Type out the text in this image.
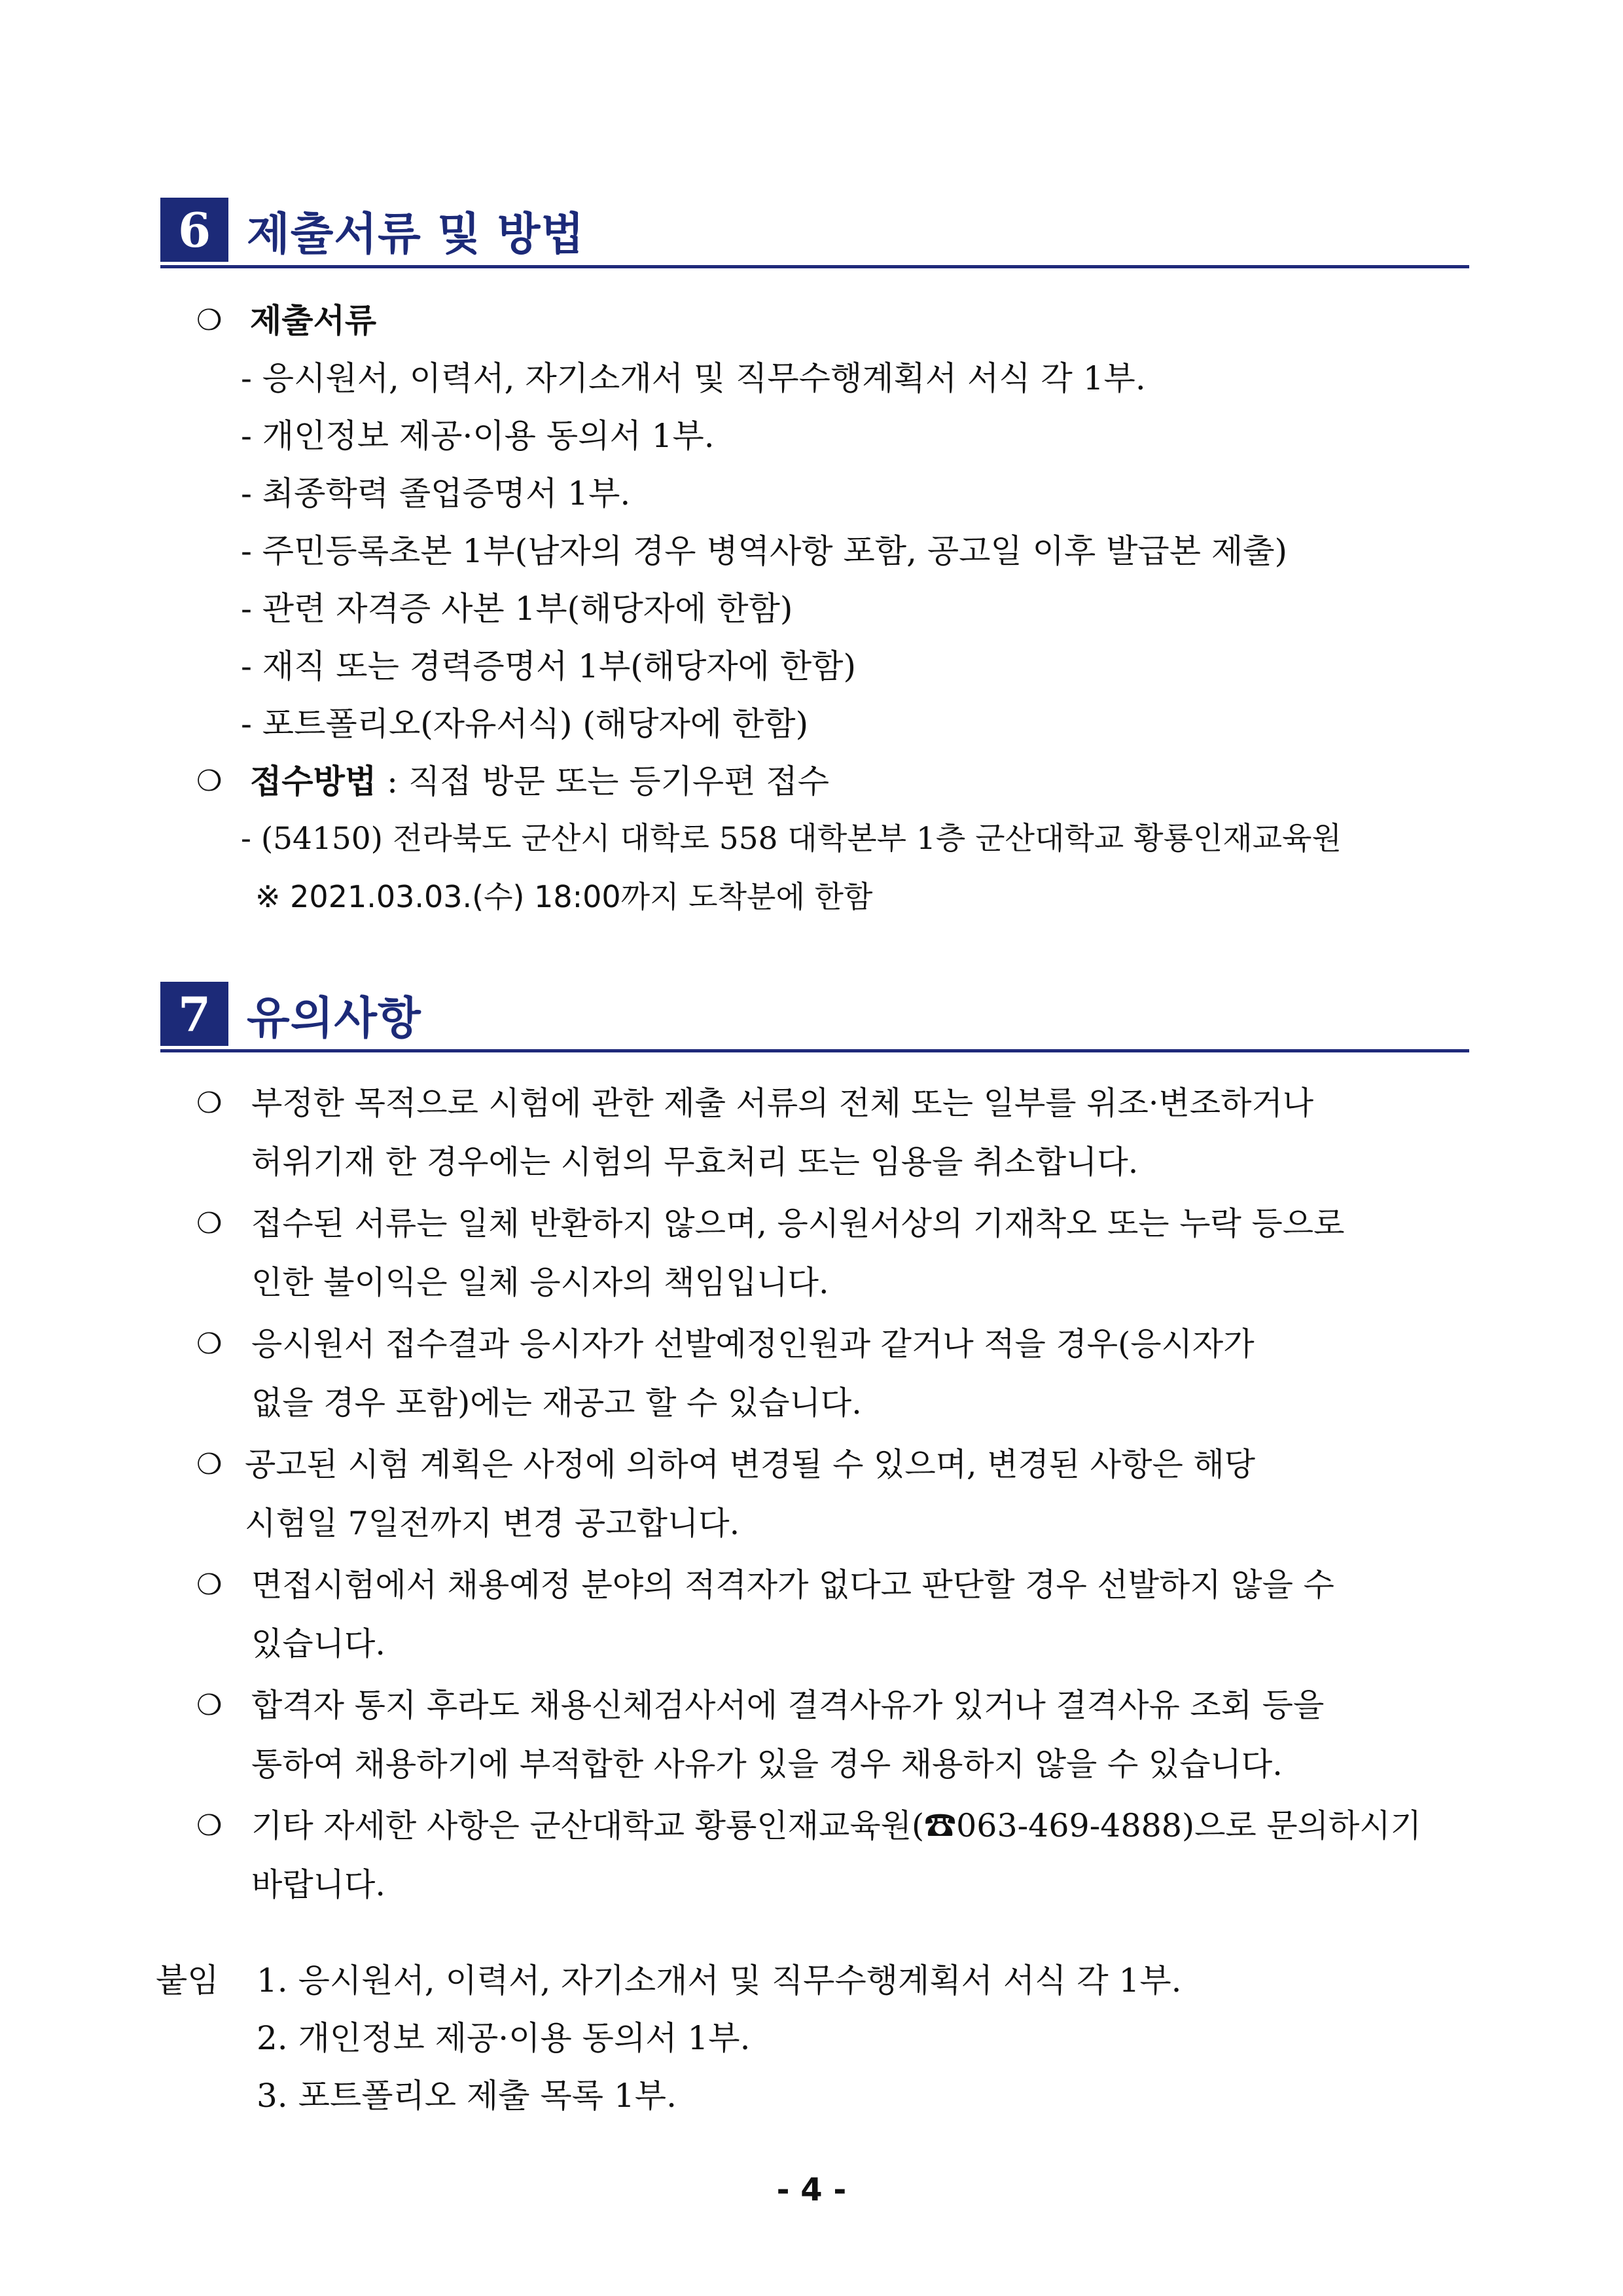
6 제출서류 및 방법
❍ 제출서류
- 응시원서, 이력서, 자기소개서 및 직무수행계획서 서식 각 1부.
- 개인정보 제공·이용 동의서 1부.
- 최종학력 졸업증명서 1부.
- 주민등록초본 1부(남자의 경우 병역사항 포함, 공고일 이후 발급본 제출)
- 관련 자격증 사본 1부(해당자에 한함)
- 재직 또는 경력증명서 1부(해당자에 한함)
- 포트폴리오(자유서식) (해당자에 한함)
❍ 접수방법 : 직접 방문 또는 등기우편 접수
- (54150) 전라북도 군산시 대학로 558 대학본부 1층 군산대학교 황룡인재교육원
※ 2021.03.03.(수) 18:00까지 도착분에 한함
7 유의사항
❍ 부정한 목적으로 시험에 관한 제출 서류의 전체 또는 일부를 위조·변조하거나
허위기재 한 경우에는 시험의 무효처리 또는 임용을 취소합니다.
❍ 접수된 서류는 일체 반환하지 않으며, 응시원서상의 기재착오 또는 누락 등으로
인한 불이익은 일체 응시자의 책임입니다.
❍ 응시원서 접수결과 응시자가 선발예정인원과 같거나 적을 경우(응시자가
없을 경우 포함)에는 재공고 할 수 있습니다.
❍ 공고된 시험 계획은 사정에 의하여 변경될 수 있으며, 변경된 사항은 해당
시험일 7일전까지 변경 공고합니다.
❍ 면접시험에서 채용예정 분야의 적격자가 없다고 판단할 경우 선발하지 않을 수
있습니다.
❍ 합격자 통지 후라도 채용신체검사서에 결격사유가 있거나 결격사유 조회 등을
통하여 채용하기에 부적합한 사유가 있을 경우 채용하지 않을 수 있습니다.
❍ 기타 자세한 사항은 군산대학교 황룡인재교육원(☎063-469-4888)으로 문의하시기
바랍니다.
붙임 1. 응시원서, 이력서, 자기소개서 및 직무수행계획서 서식 각 1부.
2. 개인정보 제공·이용 동의서 1부.
3. 포트폴리오 제출 목록 1부.
- 4 -
